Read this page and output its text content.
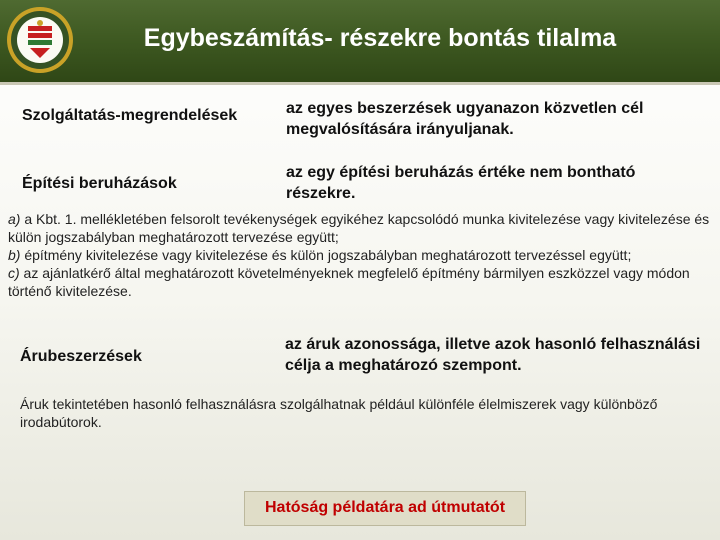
Egybeszámítás- részekre bontás tilalma
Szolgáltatás-megrendelések	az egyes beszerzések ugyanazon közvetlen cél megvalósítására irányuljanak.
Építési beruházások
az egy építési beruházás értéke nem bontható részekre.
a) a Kbt. 1. mellékletében felsorolt tevékenységek egyikéhez kapcsolódó munka kivitelezése vagy kivitelezése és külön jogszabályban meghatározott tervezése együtt;
b) építmény kivitelezése vagy kivitelezése és külön jogszabályban meghatározott tervezéssel együtt;
c) az ajánlatkérő által meghatározott követelményeknek megfelelő építmény bármilyen eszközzel vagy módon történő kivitelezése.
Árubeszerzések
az áruk azonossága, illetve azok hasonló felhasználási célja a meghatározó szempont.
Áruk tekintetében hasonló felhasználásra szolgálhatnak például különféle élelmiszerek vagy különböző irodabútorok.
Hatóság példatára ad útmutatót
